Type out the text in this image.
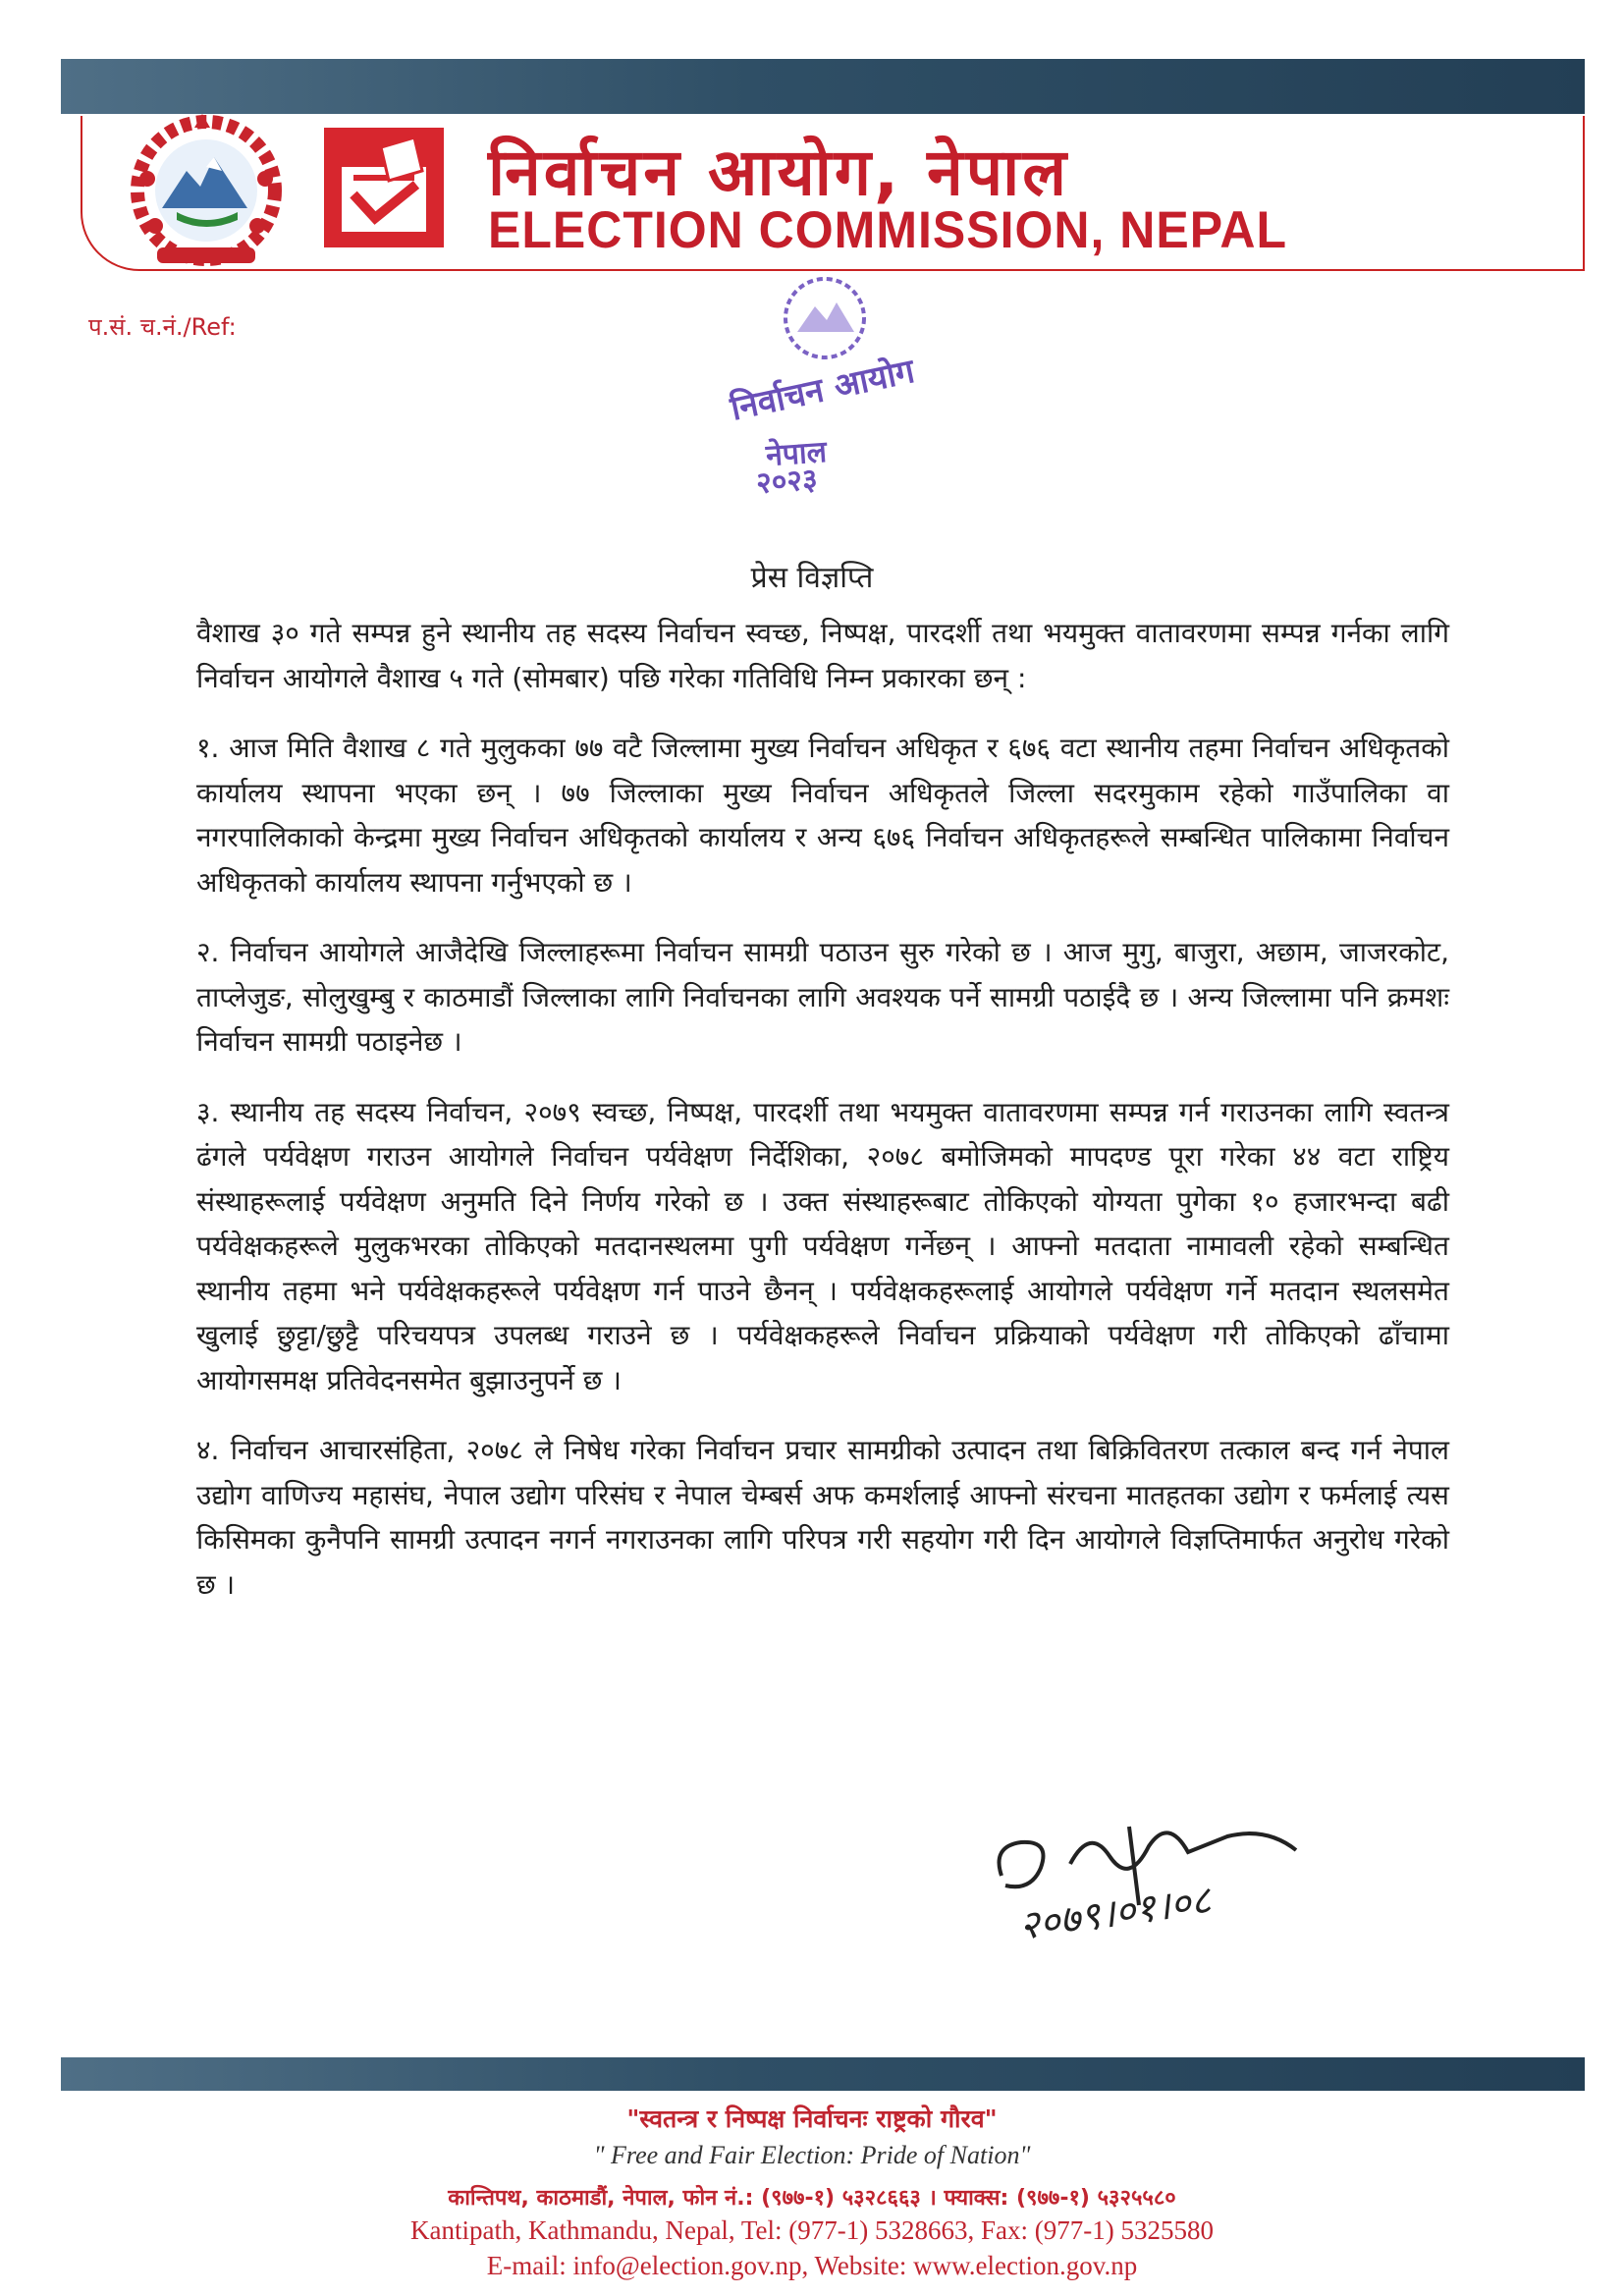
निर्वाचन आयोग, नेपाल
ELECTION COMMISSION, NEPAL
प.सं. च.नं./Ref:
निर्वाचन आयोग
नेपाल
२०२३
प्रेस विज्ञप्ति

वैशाख ३० गते सम्पन्न हुने स्थानीय तह सदस्य निर्वाचन स्वच्छ, निष्पक्ष, पारदर्शी तथा भयमुक्त वातावरणमा सम्पन्न गर्नका लागि निर्वाचन आयोगले वैशाख ५ गते (सोमबार) पछि गरेका गतिविधि निम्न प्रकारका छन् :

१. आज मिति वैशाख ८ गते मुलुकका ७७ वटै जिल्लामा मुख्य निर्वाचन अधिकृत र ६७६ वटा स्थानीय तहमा निर्वाचन अधिकृतको कार्यालय स्थापना भएका छन् । ७७ जिल्लाका मुख्य निर्वाचन अधिकृतले जिल्ला सदरमुकाम रहेको गाउँपालिका वा नगरपालिकाको केन्द्रमा मुख्य निर्वाचन अधिकृतको कार्यालय र अन्य ६७६ निर्वाचन अधिकृतहरूले सम्बन्धित पालिकामा निर्वाचन अधिकृतको कार्यालय स्थापना गर्नुभएको छ ।

२. निर्वाचन आयोगले आजैदेखि जिल्लाहरूमा निर्वाचन सामग्री पठाउन सुरु गरेको छ । आज मुगु, बाजुरा, अछाम, जाजरकोट, ताप्लेजुङ, सोलुखुम्बु र काठमाडौं जिल्लाका लागि निर्वाचनका लागि अवश्यक पर्ने सामग्री पठाईदै छ । अन्य जिल्लामा पनि क्रमशः निर्वाचन सामग्री पठाइनेछ ।

३. स्थानीय तह सदस्य निर्वाचन, २०७९ स्वच्छ, निष्पक्ष, पारदर्शी तथा भयमुक्त वातावरणमा सम्पन्न गर्न गराउनका लागि स्वतन्त्र ढंगले पर्यवेक्षण गराउन आयोगले निर्वाचन पर्यवेक्षण निर्देशिका, २०७८ बमोजिमको मापदण्ड पूरा गरेका ४४ वटा राष्ट्रिय संस्थाहरूलाई पर्यवेक्षण अनुमति दिने निर्णय गरेको छ । उक्त संस्थाहरूबाट तोकिएको योग्यता पुगेका १० हजारभन्दा बढी पर्यवेक्षकहरूले मुलुकभरका तोकिएको मतदानस्थलमा पुगी पर्यवेक्षण गर्नेछन् । आफ्नो मतदाता नामावली रहेको सम्बन्धित स्थानीय तहमा भने पर्यवेक्षकहरूले पर्यवेक्षण गर्न पाउने छैनन् । पर्यवेक्षकहरूलाई आयोगले पर्यवेक्षण गर्ने मतदान स्थलसमेत खुलाई छुट्टा/छुट्टै परिचयपत्र उपलब्ध गराउने छ । पर्यवेक्षकहरूले निर्वाचन प्रक्रियाको पर्यवेक्षण गरी तोकिएको ढाँचामा आयोगसमक्ष प्रतिवेदनसमेत बुझाउनुपर्ने छ ।

४. निर्वाचन आचारसंहिता, २०७८ ले निषेध गरेका निर्वाचन प्रचार सामग्रीको उत्पादन तथा बिक्रिवितरण तत्काल बन्द गर्न नेपाल उद्योग वाणिज्य महासंघ, नेपाल उद्योग परिसंघ र नेपाल चेम्बर्स अफ कमर्शलाई आफ्नो संरचना मातहतका उद्योग र फर्मलाई त्यस किसिमका कुनैपनि सामग्री उत्पादन नगर्न नगराउनका लागि परिपत्र गरी सहयोग गरी दिन आयोगले विज्ञप्तिमार्फत अनुरोध गरेको छ ।

२०७९।०१।०८
"स्वतन्त्र र निष्पक्ष निर्वाचनः राष्ट्रको गौरव"
" Free and Fair Election: Pride of Nation"
कान्तिपथ, काठमाडौं, नेपाल, फोन नं.: (९७७-१) ५३२८६६३ । फ्याक्स: (९७७-१) ५३२५५८०
Kantipath, Kathmandu, Nepal, Tel: (977-1) 5328663, Fax: (977-1) 5325580
E-mail: info@election.gov.np, Website: www.election.gov.np
